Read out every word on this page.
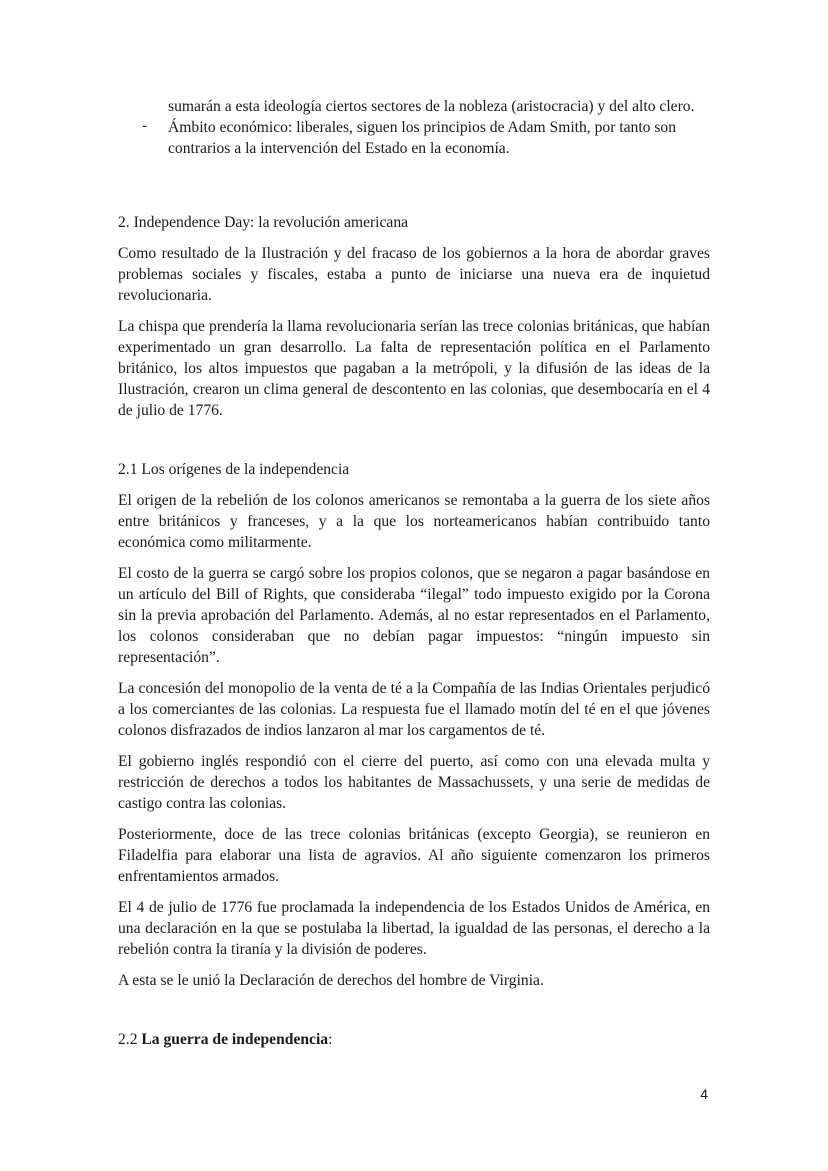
sumarán a esta ideología ciertos sectores de la nobleza (aristocracia) y del alto clero.

- Ámbito económico: liberales, siguen los principios de Adam Smith, por tanto son contrarios a la intervención del Estado en la economía.

2. Independence Day: la revolución americana

Como resultado de la Ilustración y del fracaso de los gobiernos a la hora de abordar graves problemas sociales y fiscales, estaba a punto de iniciarse una nueva era de inquietud revolucionaria.

La chispa que prendería la llama revolucionaria serían las trece colonias británicas, que habían experimentado un gran desarrollo. La falta de representación política en el Parlamento británico, los altos impuestos que pagaban a la metrópoli, y la difusión de las ideas de la Ilustración, crearon un clima general de descontento en las colonias, que desembocaría en el 4 de julio de 1776.

2.1 Los orígenes de la independencia

El origen de la rebelión de los colonos americanos se remontaba a la guerra de los siete años entre británicos y franceses, y a la que los norteamericanos habían contribuido tanto económica como militarmente.

El costo de la guerra se cargó sobre los propios colonos, que se negaron a pagar basándose en un artículo del Bill of Rights, que consideraba “ilegal” todo impuesto exigido por la Corona sin la previa aprobación del Parlamento. Además, al no estar representados en el Parlamento, los colonos consideraban que no debían pagar impuestos: “ningún impuesto sin representación”.

La concesión del monopolio de la venta de té a la Compañía de las Indias Orientales perjudicó a los comerciantes de las colonias. La respuesta fue el llamado motín del té en el que jóvenes colonos disfrazados de indios lanzaron al mar los cargamentos de té.

El gobierno inglés respondió con el cierre del puerto, así como con una elevada multa y restricción de derechos a todos los habitantes de Massachussets, y una serie de medidas de castigo contra las colonias.

Posteriormente, doce de las trece colonias británicas (excepto Georgia), se reunieron en Filadelfia para elaborar una lista de agravios. Al año siguiente comenzaron los primeros enfrentamientos armados.

El 4 de julio de 1776 fue proclamada la independencia de los Estados Unidos de América, en una declaración en la que se postulaba la libertad, la igualdad de las personas, el derecho a la rebelión contra la tiranía y la división de poderes.

A esta se le unió la Declaración de derechos del hombre de Virginia.

2.2 La guerra de independencia:

4
